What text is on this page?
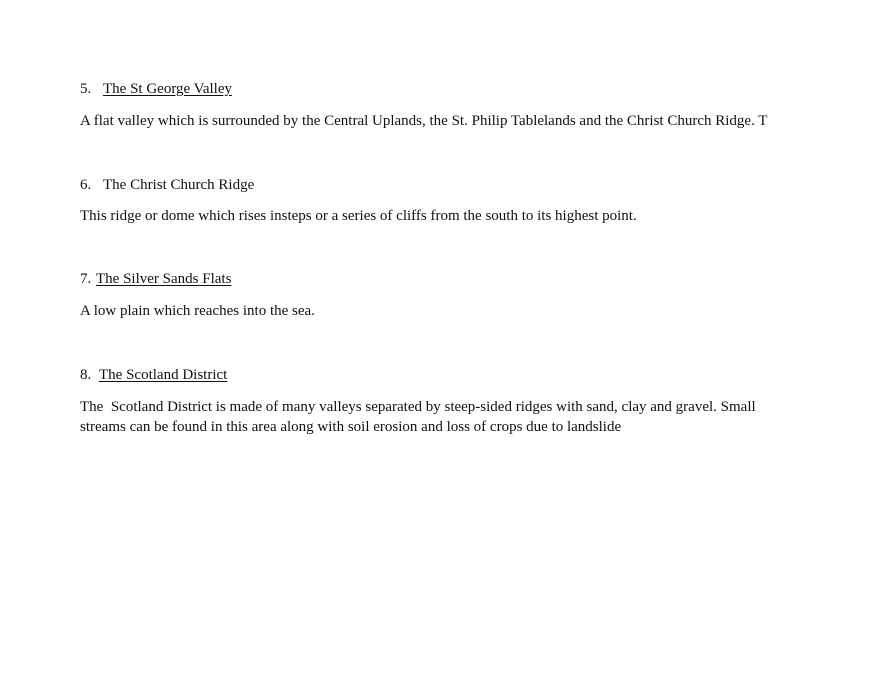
5. The St George Valley
A flat valley which is surrounded by the Central Uplands, the St. Philip Tablelands and the Christ Church Ridge. T
6. The Christ Church Ridge
This ridge or dome which rises insteps or a series of cliffs from the south to its highest point.
7. The Silver Sands Flats
A low plain which reaches into the sea.
8. The Scotland District
The  Scotland District is made of many valleys separated by steep-sided ridges with sand, clay and gravel. Small streams can be found in this area along with soil erosion and loss of crops due to landslide
